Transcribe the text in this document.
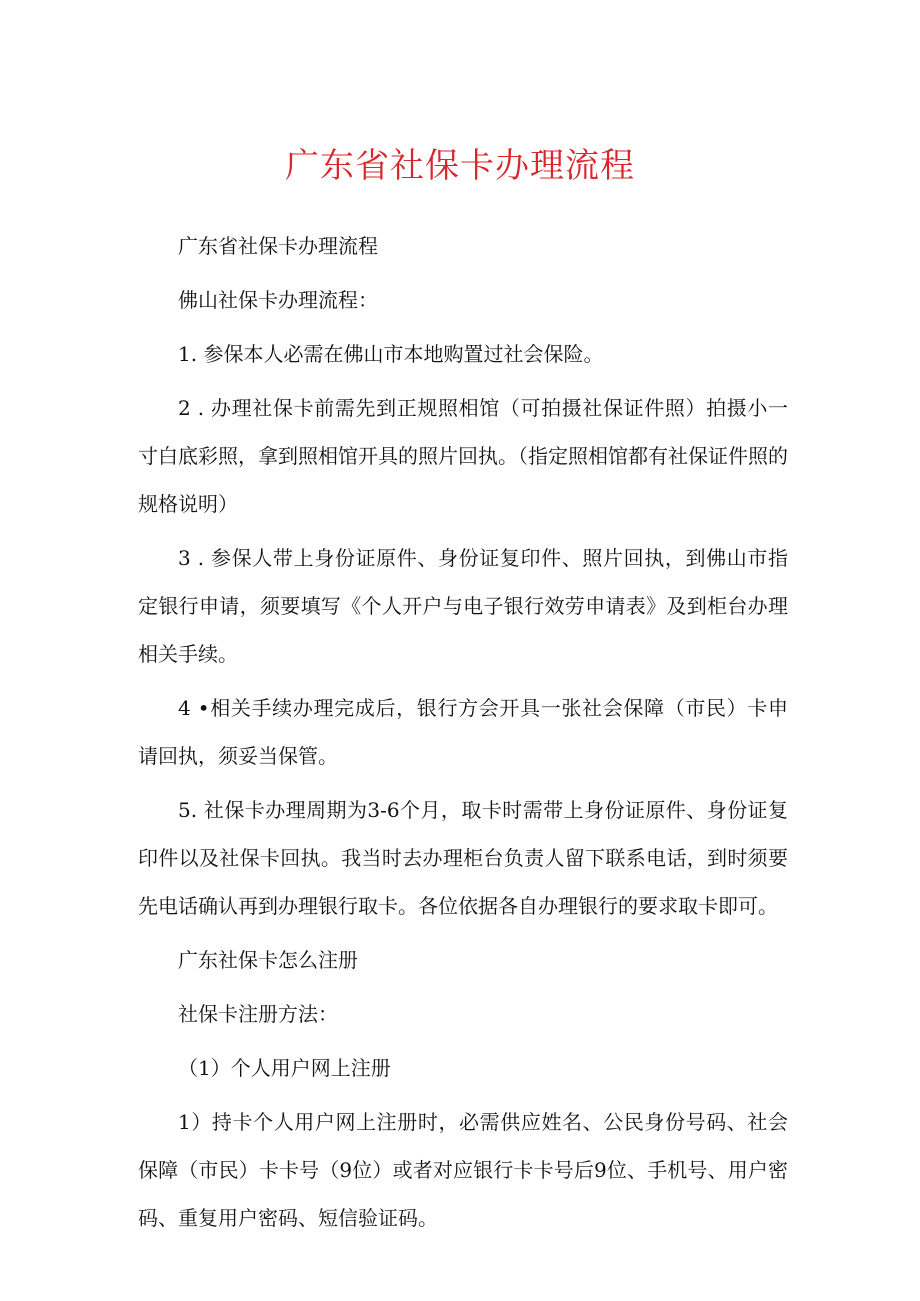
广东省社保卡办理流程

广东省社保卡办理流程

佛山社保卡办理流程：

1. 参保本人必需在佛山市本地购置过社会保险。

2 . 办理社保卡前需先到正规照相馆（可拍摄社保证件照）拍摄小一寸白底彩照，拿到照相馆开具的照片回执。（指定照相馆都有社保证件照的规格说明）

3 . 参保人带上身份证原件、身份证复印件、照片回执，到佛山市指定银行申请，须要填写《个人开户与电子银行效劳申请表》及到柜台办理相关手续。

4 •相关手续办理完成后，银行方会开具一张社会保障（市民）卡申请回执，须妥当保管。

5. 社保卡办理周期为3-6个月，取卡时需带上身份证原件、身份证复印件以及社保卡回执。我当时去办理柜台负责人留下联系电话，到时须要先电话确认再到办理银行取卡。各位依据各自办理银行的要求取卡即可。

广东社保卡怎么注册

社保卡注册方法：

（1）个人用户网上注册

1）持卡个人用户网上注册时，必需供应姓名、公民身份号码、社会保障（市民）卡卡号（9位）或者对应银行卡卡号后9位、手机号、用户密码、重复用户密码、短信验证码。
